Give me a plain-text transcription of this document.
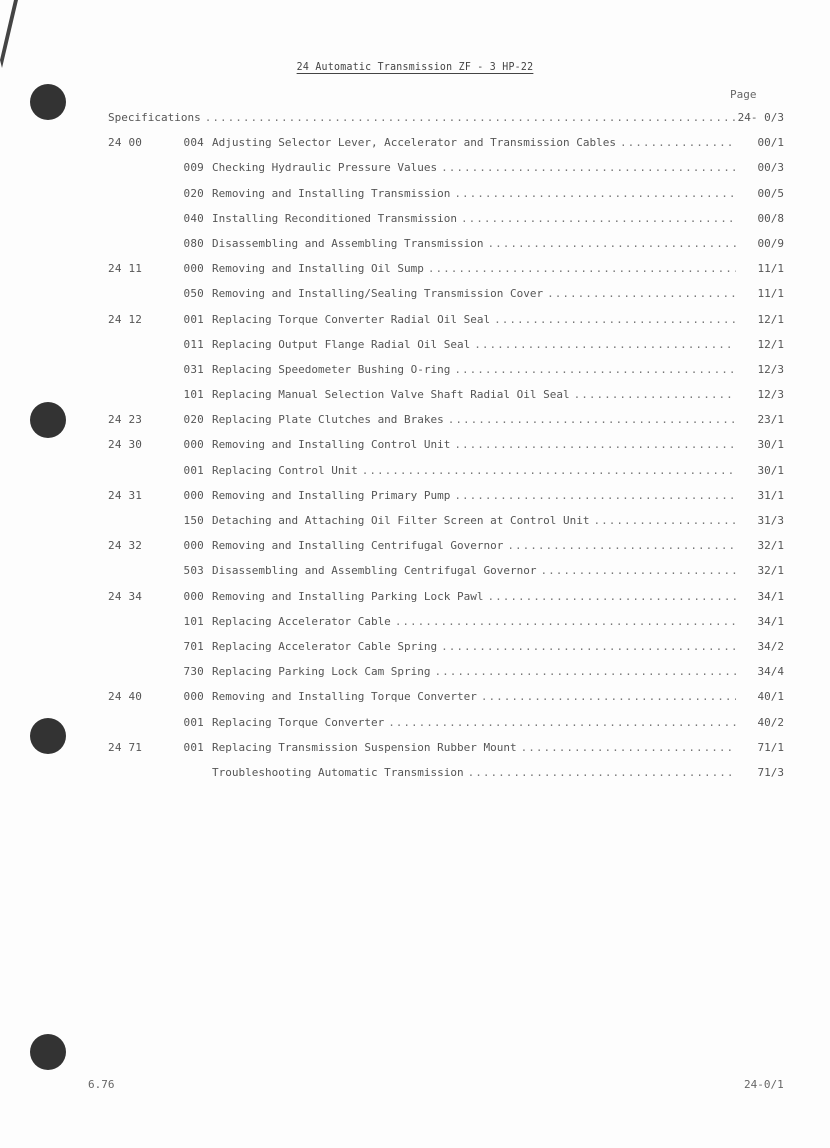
24 Automatic Transmission ZF - 3 HP-22
Page
Specifications .....	24- 0/3
24 00	004 Adjusting Selector Lever, Accelerator and Transmission Cables .....	00/1
009 Checking Hydraulic Pressure Values .....	00/3
020 Removing and Installing Transmission .....	00/5
040 Installing Reconditioned Transmission .....	00/8
080 Disassembling and Assembling Transmission .....	00/9
24 11	000 Removing and Installing Oil Sump .....	11/1
050 Removing and Installing/Sealing Transmission Cover .....	11/1
24 12	001 Replacing Torque Converter Radial Oil Seal .....	12/1
011 Replacing Output Flange Radial Oil Seal .....	12/1
031 Replacing Speedometer Bushing O-ring .....	12/3
101 Replacing Manual Selection Valve Shaft Radial Oil Seal .....	12/3
24 23	020 Replacing Plate Clutches and Brakes .....	23/1
24 30	000 Removing and Installing Control Unit .....	30/1
001 Replacing Control Unit .....	30/1
24 31	000 Removing and Installing Primary Pump .....	31/1
150 Detaching and Attaching Oil Filter Screen at Control Unit .....	31/3
24 32	000 Removing and Installing Centrifugal Governor .....	32/1
503 Disassembling and Assembling Centrifugal Governor .....	32/1
24 34	000 Removing and Installing Parking Lock Pawl .....	34/1
101 Replacing Accelerator Cable .....	34/1
701 Replacing Accelerator Cable Spring .....	34/2
730 Replacing Parking Lock Cam Spring .....	34/4
24 40	000 Removing and Installing Torque Converter .....	40/1
001 Replacing Torque Converter .....	40/2
24 71	001 Replacing Transmission Suspension Rubber Mount .....	71/1
Troubleshooting Automatic Transmission .....	71/3
6.76	24-0/1
